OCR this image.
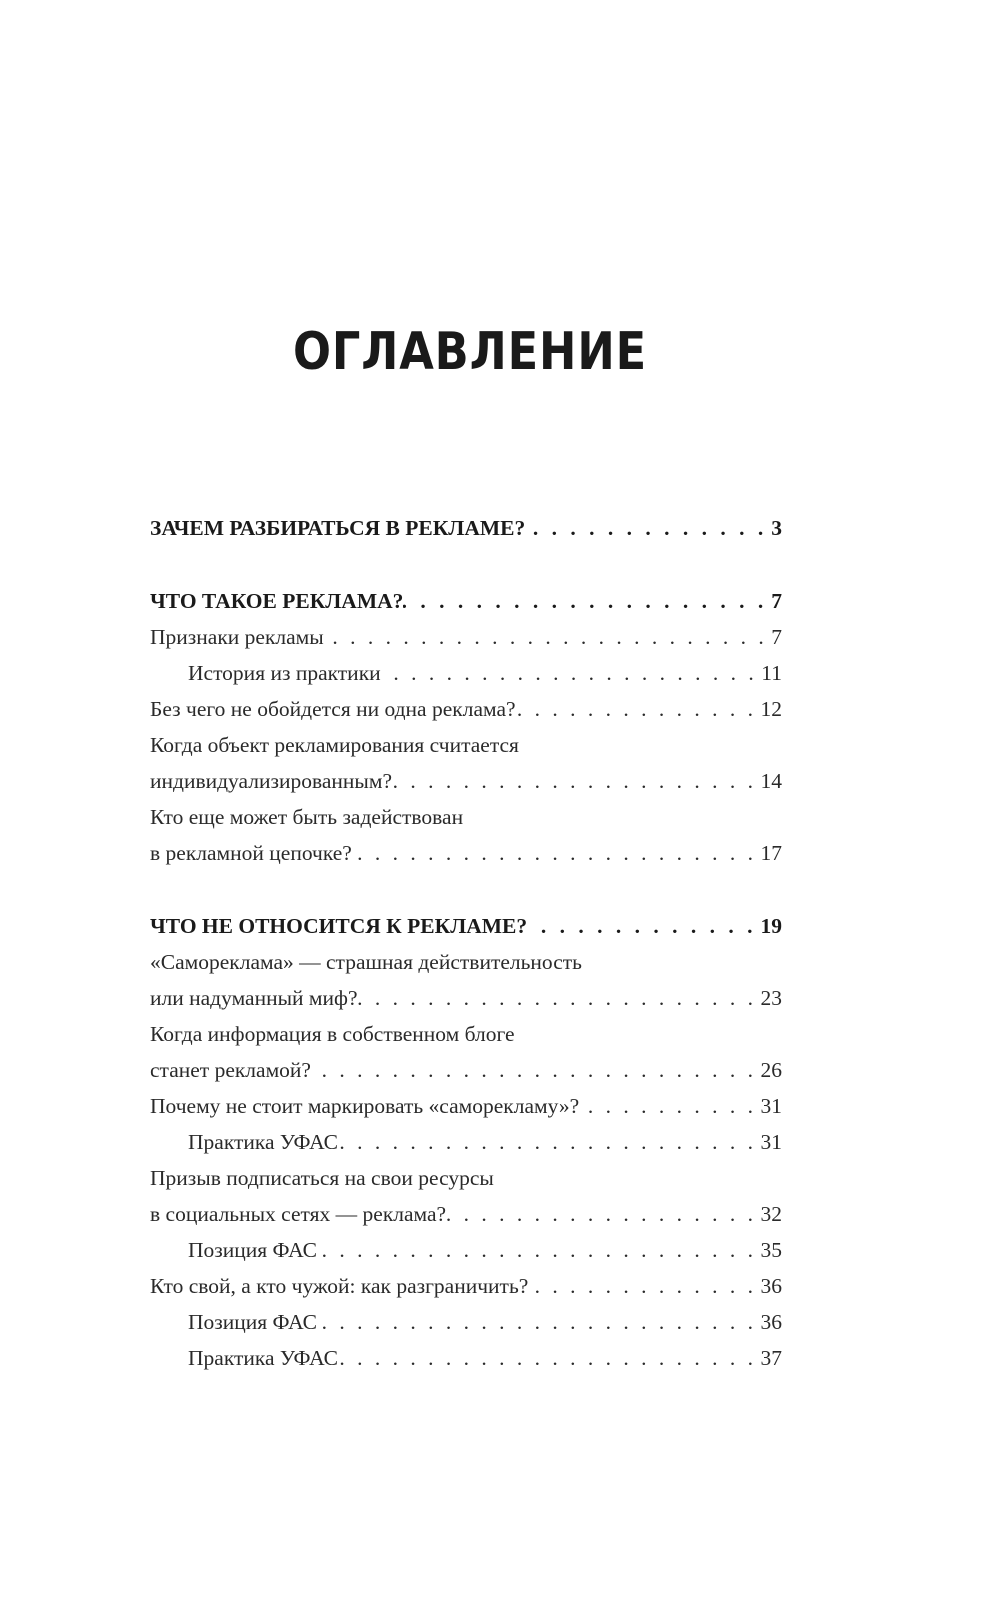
ОГЛАВЛЕНИЕ
ЗАЧЕМ РАЗБИРАТЬСЯ В РЕКЛАМЕ? . . .	3
ЧТО ТАКОЕ РЕКЛАМА? . . .	7
Признаки рекламы . . .	7
История из практики . . .	11
Без чего не обойдется ни одна реклама? . . .	12
Когда объект рекламирования считается
индивидуализированным? . . .	14
Кто еще может быть задействован
в рекламной цепочке? . . .	17
ЧТО НЕ ОТНОСИТСЯ К РЕКЛАМЕ? . . .	19
«Самореклама» — страшная действительность
или надуманный миф? . . .	23
Когда информация в собственном блоге
станет рекламой? . . .	26
Почему не стоит маркировать «саморекламу»? . . .	31
Практика УФАС . . .	31
Призыв подписаться на свои ресурсы
в социальных сетях — реклама? . . .	32
Позиция ФАС . . .	35
Кто свой, а кто чужой: как разграничить? . . .	36
Позиция ФАС . . .	36
Практика УФАС . . .	37
